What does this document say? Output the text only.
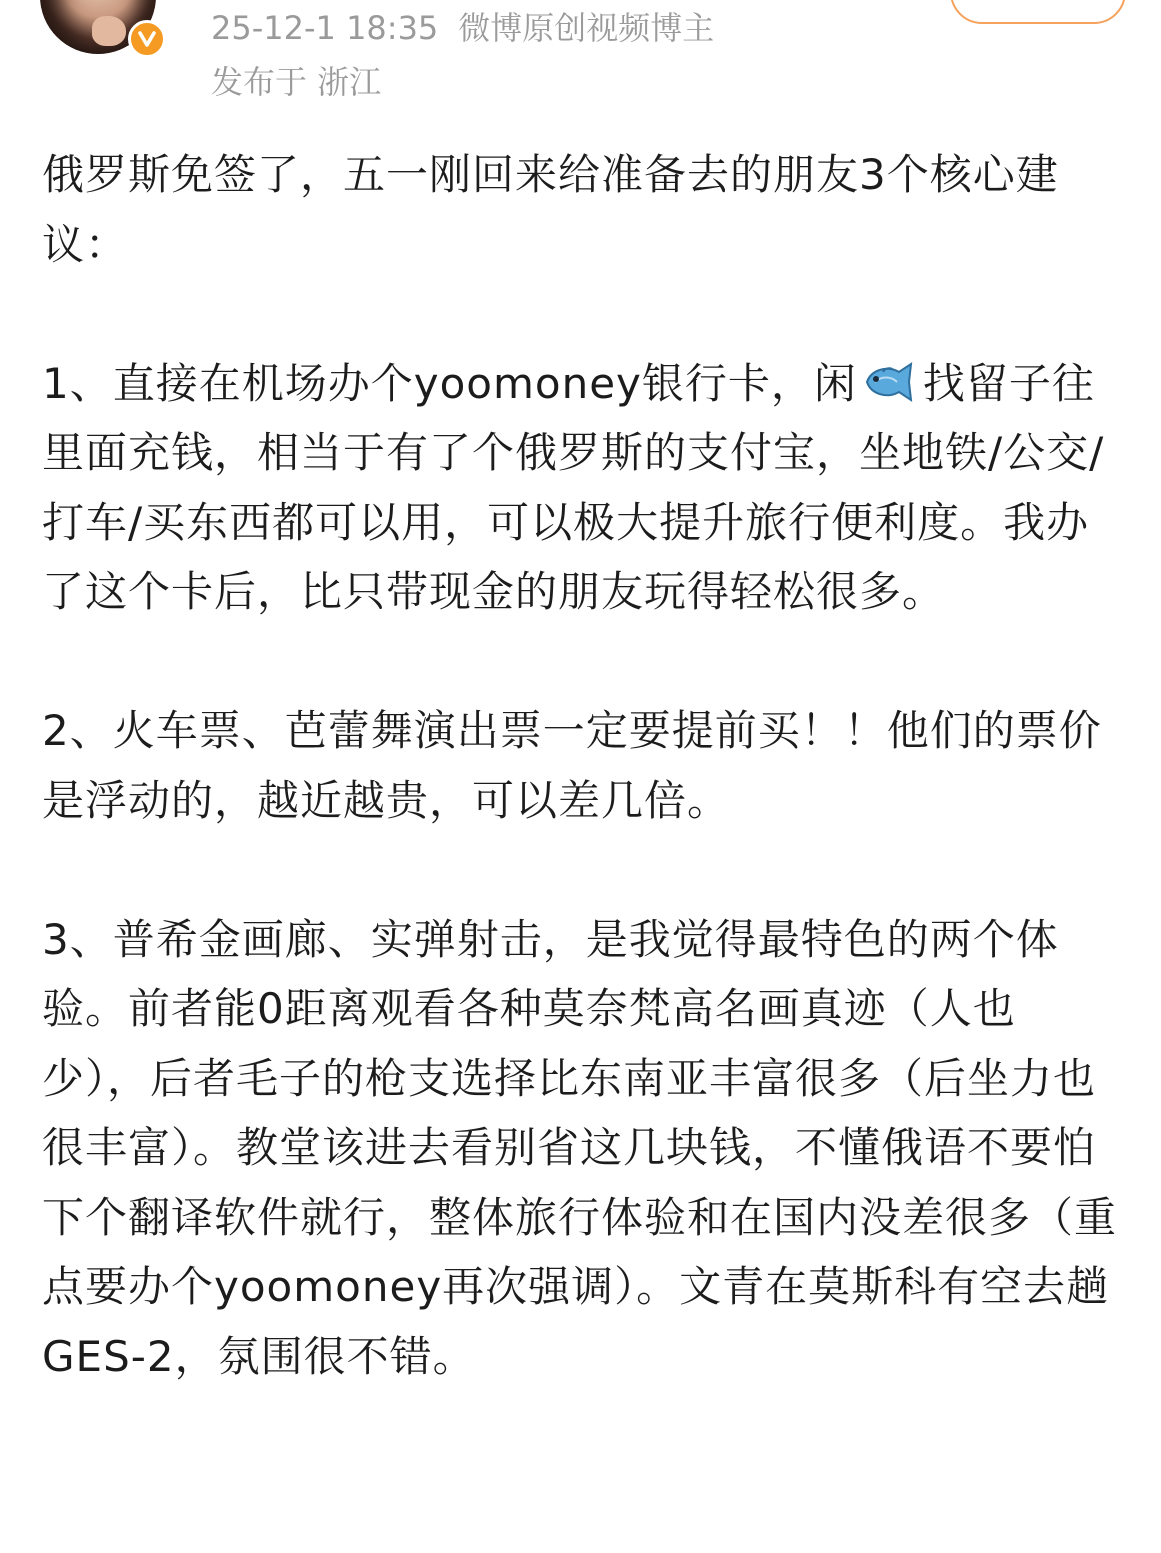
25-12-1 18:35 微博原创视频博主
发布于 浙江

俄罗斯免签了，五一刚回来给准备去的朋友3个核心建议：

1、直接在机场办个yoomoney银行卡，闲 找留子往里面充钱，相当于有了个俄罗斯的支付宝，坐地铁/公交/打车/买东西都可以用，可以极大提升旅行便利度。我办了这个卡后，比只带现金的朋友玩得轻松很多。

2、火车票、芭蕾舞演出票一定要提前买！！他们的票价是浮动的，越近越贵，可以差几倍。

3、普希金画廊、实弹射击，是我觉得最特色的两个体验。前者能0距离观看各种莫奈梵高名画真迹（人也少），后者毛子的枪支选择比东南亚丰富很多（后坐力也很丰富）。教堂该进去看别省这几块钱，不懂俄语不要怕下个翻译软件就行，整体旅行体验和在国内没差很多（重点要办个yoomoney再次强调）。文青在莫斯科有空去趟GES-2，氛围很不错。
